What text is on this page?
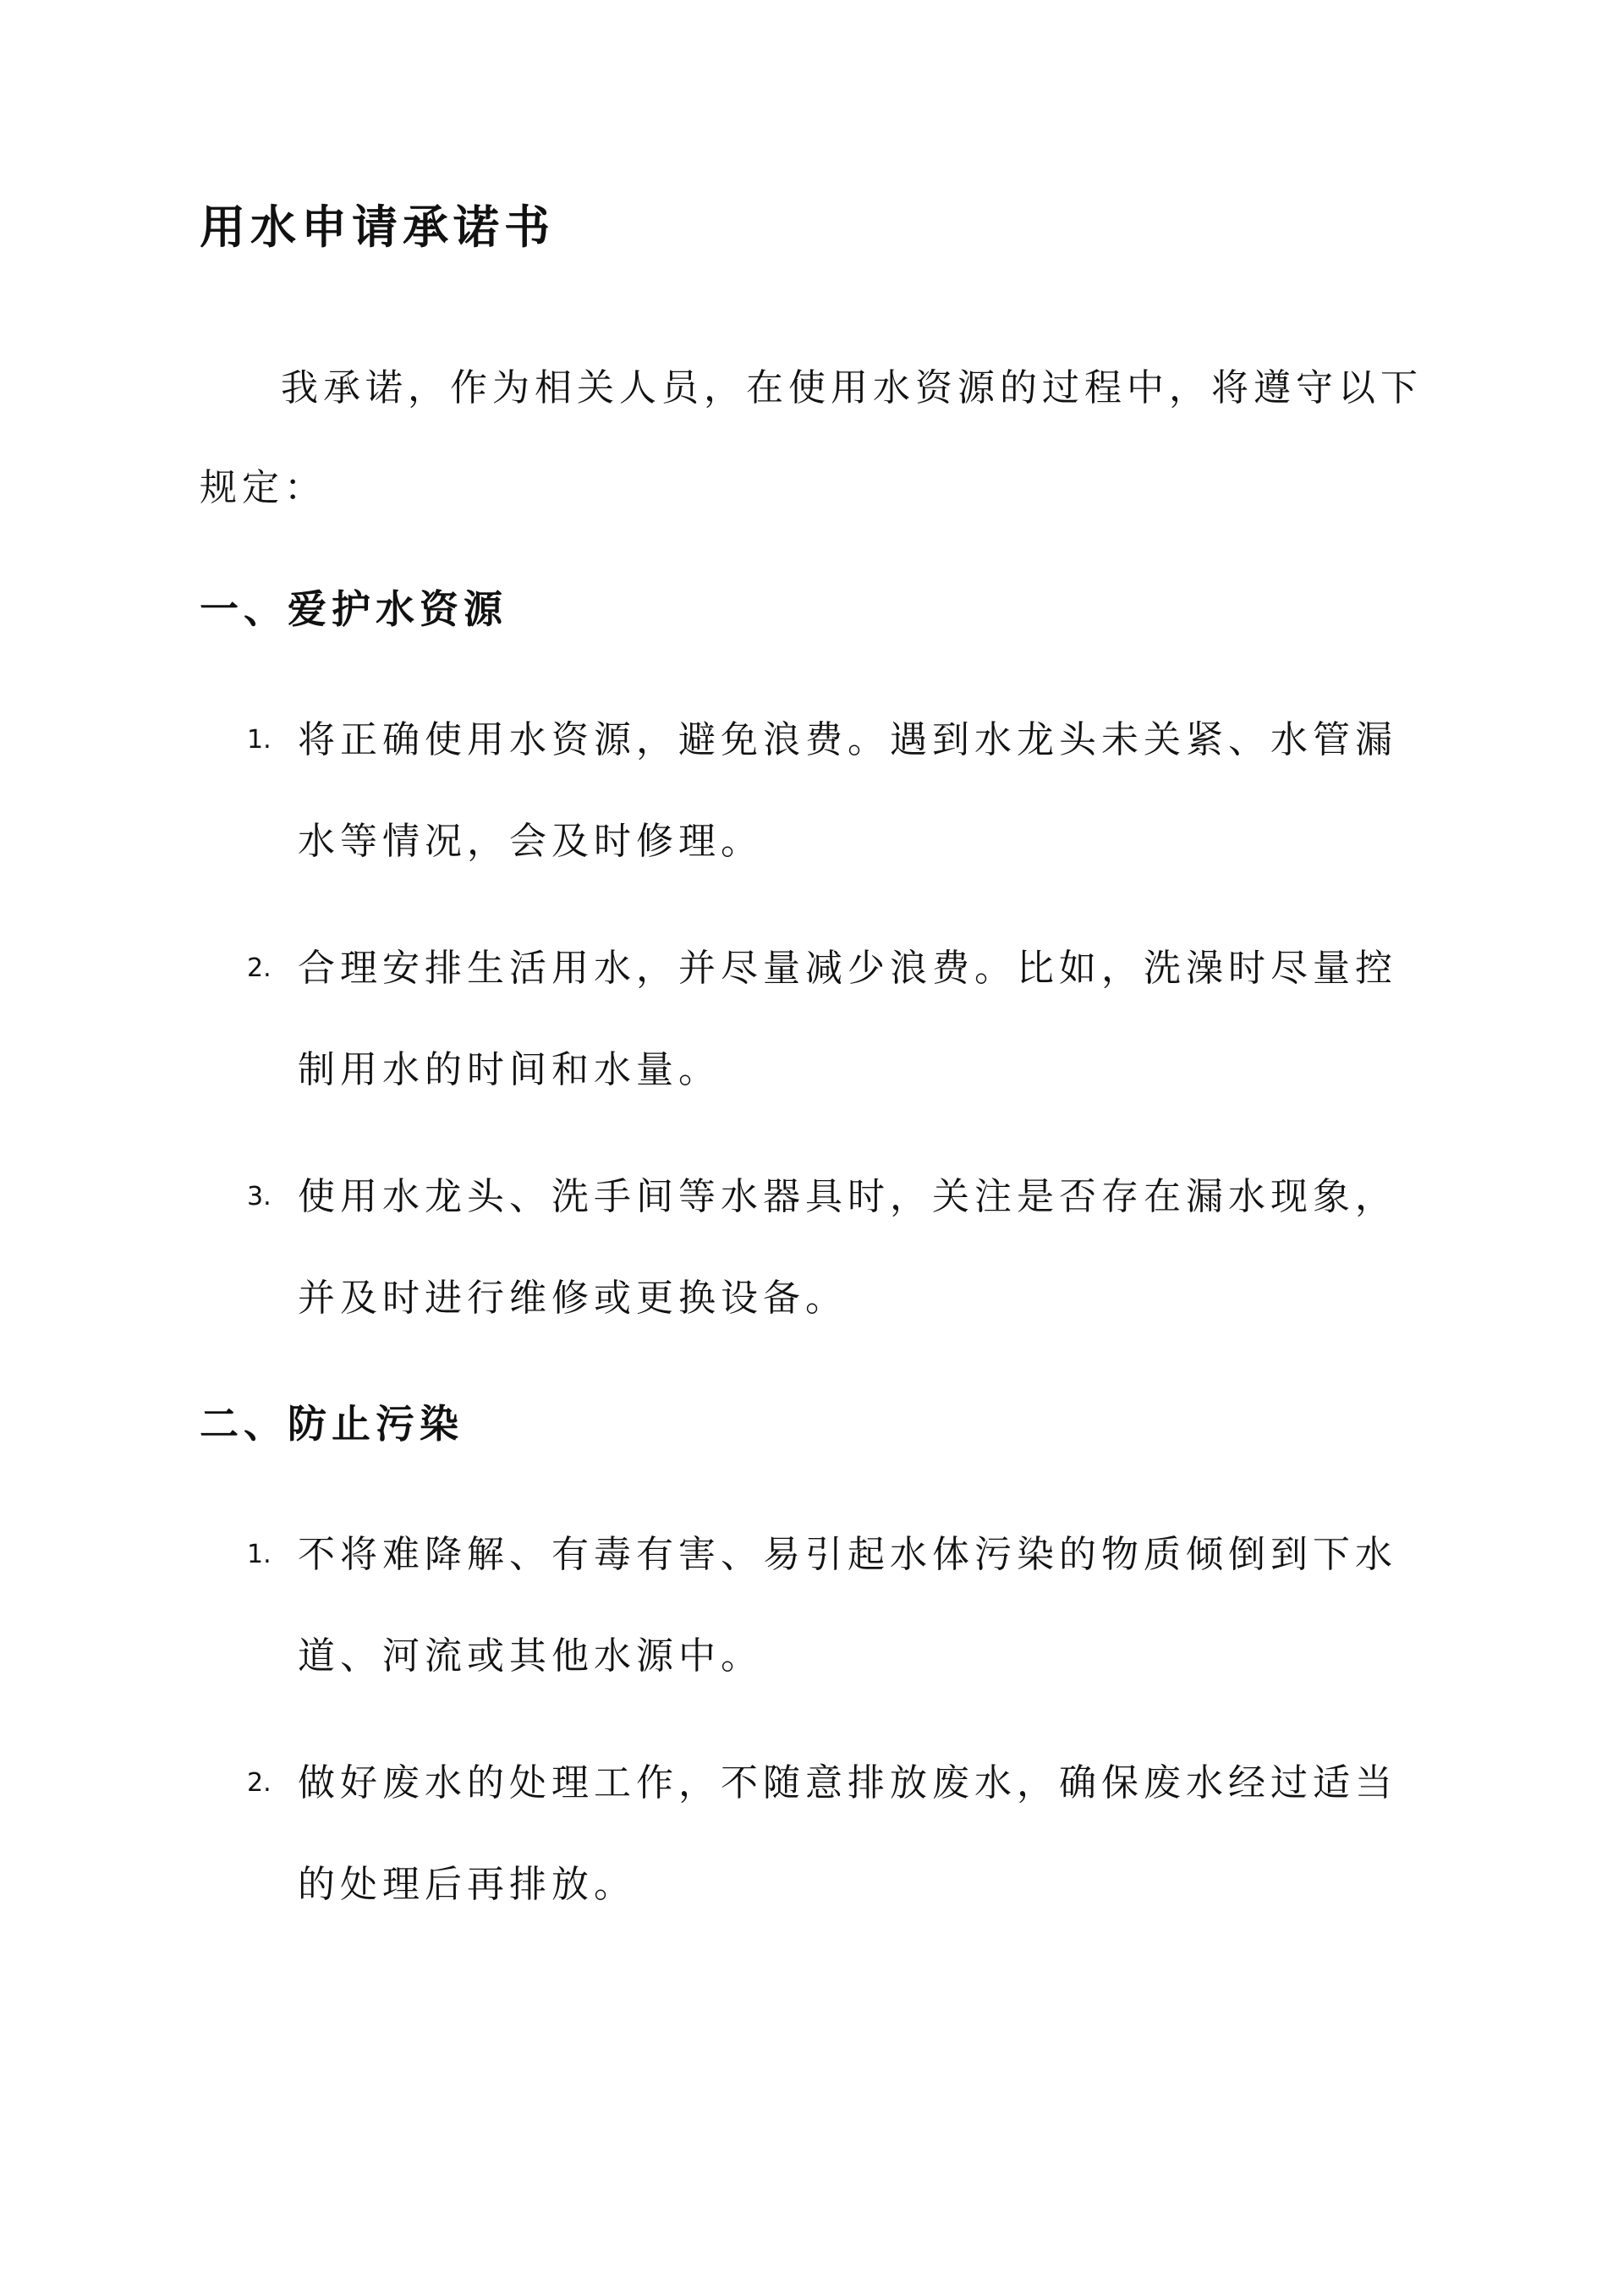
用水申请承诺书
我承诺，作为相关人员，在使用水资源的过程中，将遵守以下规定：
一、爱护水资源
1. 将正确使用水资源，避免浪费。遇到水龙头未关紧、水管漏水等情况，会及时修理。
2. 合理安排生活用水，并尽量减少浪费。比如，洗澡时尽量控制用水的时间和水量。
3. 使用水龙头、洗手间等水器具时，关注是否存在漏水现象，并及时进行维修或更换设备。
二、防止污染
1. 不将难降解、有毒有害、易引起水体污染的物质倾倒到下水道、河流或其他水源中。
2. 做好废水的处理工作，不随意排放废水，确保废水经过适当的处理后再排放。
